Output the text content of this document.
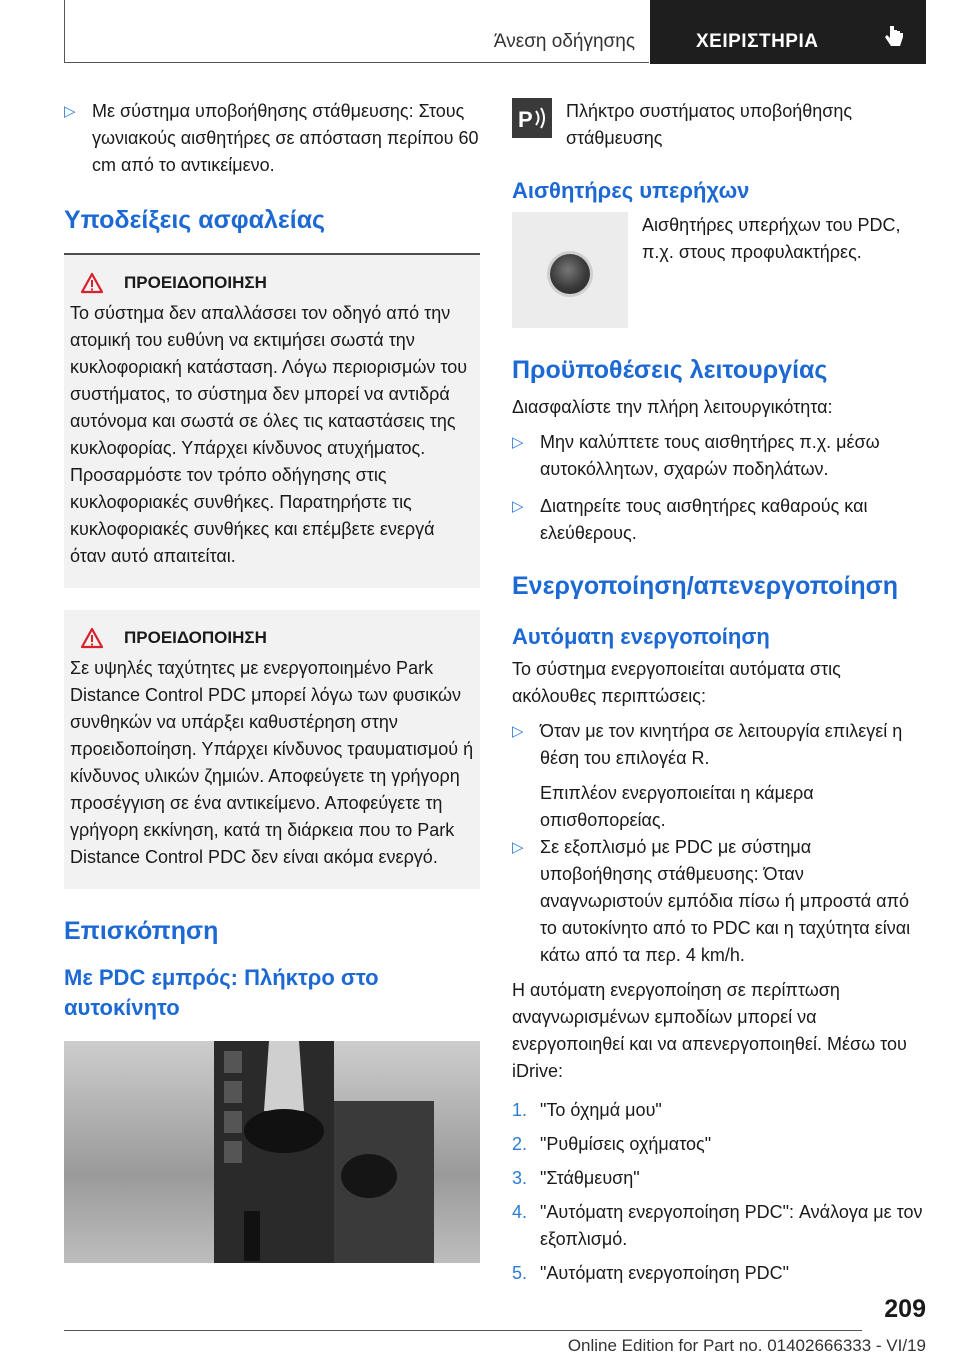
Άνεση οδήγησης	ΧΕΙΡΙΣΤΗΡΙΑ

▷ Με σύστημα υποβοήθησης στάθμευσης: Στους γωνιακούς αισθητήρες σε απόσταση περίπου 60 cm από το αντικείμενο.

Υποδείξεις ασφαλείας
ΠΡΟΕΙΔΟΠΟΙΗΣΗ
Το σύστημα δεν απαλλάσσει τον οδηγό από την ατομική του ευθύνη να εκτιμήσει σωστά την κυκλοφοριακή κατάσταση. Λόγω περιορισμών του συστήματος, το σύστημα δεν μπορεί να αντιδρά αυτόνομα και σωστά σε όλες τις καταστάσεις της κυκλοφορίας. Υπάρχει κίνδυνος ατυχήματος. Προσαρμόστε τον τρόπο οδήγησης στις κυκλοφοριακές συνθήκες. Παρατηρήστε τις κυκλοφοριακές συνθήκες και επέμβετε ενεργά όταν αυτό απαιτείται.
ΠΡΟΕΙΔΟΠΟΙΗΣΗ
Σε υψηλές ταχύτητες με ενεργοποιημένο Park Distance Control PDC μπορεί λόγω των φυσικών συνθηκών να υπάρξει καθυστέρηση στην προειδοποίηση. Υπάρχει κίνδυνος τραυματισμού ή κίνδυνος υλικών ζημιών. Αποφεύγετε τη γρήγορη προσέγγιση σε ένα αντικείμενο. Αποφεύγετε τη γρήγορη εκκίνηση, κατά τη διάρκεια που το Park Distance Control PDC δεν είναι ακόμα ενεργό.
Επισκόπηση
Με PDC εμπρός: Πλήκτρο στο αυτοκίνητο
P Πλήκτρο συστήματος υποβοήθησης στάθμευσης
Αισθητήρες υπερήχων
Αισθητήρες υπερήχων του PDC, π.χ. στους προφυλακτήρες.
Προϋποθέσεις λειτουργίας
Διασφαλίστε την πλήρη λειτουργικότητα:

▷ Μην καλύπτετε τους αισθητήρες π.χ. μέσω αυτοκόλλητων, σχαρών ποδηλάτων.

▷ Διατηρείτε τους αισθητήρες καθαρούς και ελεύθερους.

Ενεργοποίηση/απενεργοποίηση
Αυτόματη ενεργοποίηση
Το σύστημα ενεργοποιείται αυτόματα στις ακόλουθες περιπτώσεις:

▷ Όταν με τον κινητήρα σε λειτουργία επιλεγεί η θέση του επιλογέα R.

Επιπλέον ενεργοποιείται η κάμερα οπισθοπορείας.

▷ Σε εξοπλισμό με PDC με σύστημα υποβοήθησης στάθμευσης: Όταν αναγνωριστούν εμπόδια πίσω ή μπροστά από το αυτοκίνητο από το PDC και η ταχύτητα είναι κάτω από τα περ. 4 km/h.

Η αυτόματη ενεργοποίηση σε περίπτωση αναγνωρισμένων εμποδίων μπορεί να ενεργοποιηθεί και να απενεργοποιηθεί. Μέσω του iDrive:
1. "Το όχημά μου"
2. "Ρυθμίσεις οχήματος"
3. "Στάθμευση"
4. "Αυτόματη ενεργοποίηση PDC": Ανάλογα με τον εξοπλισμό.
5. "Αυτόματη ενεργοποίηση PDC"
209
Online Edition for Part no. 01402666333 - VI/19
